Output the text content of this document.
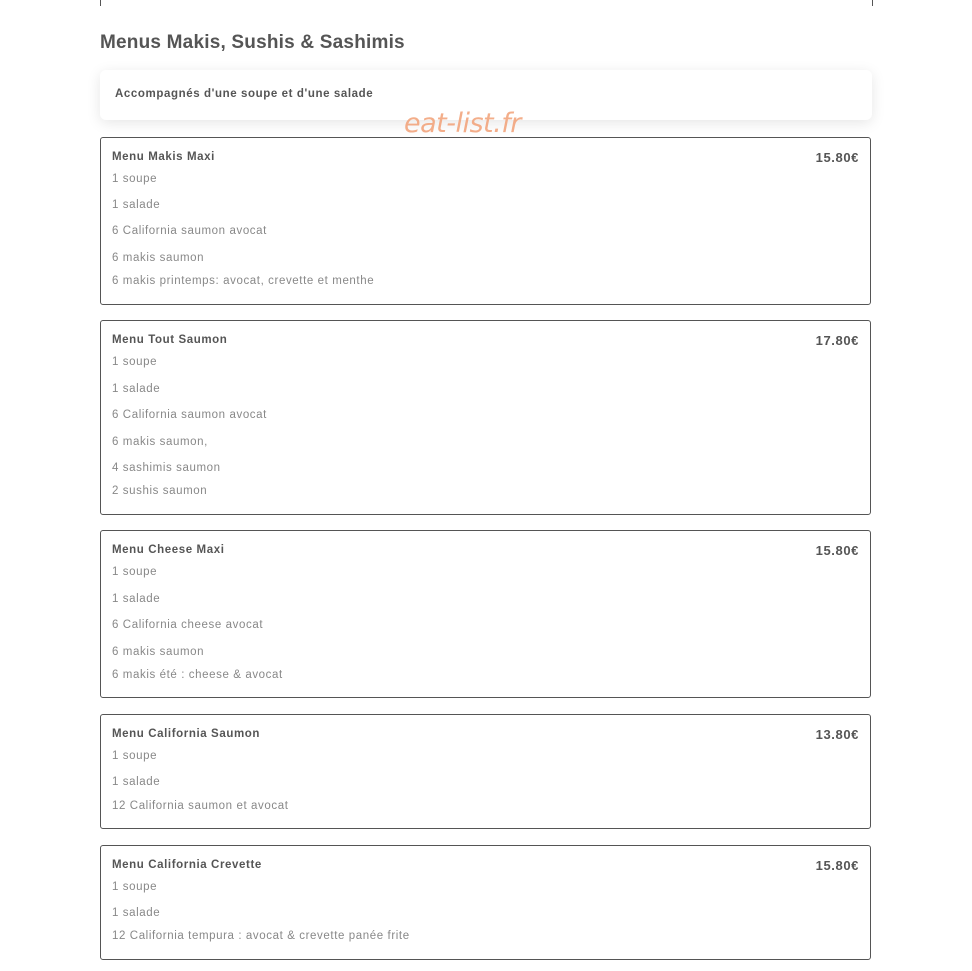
Menus Makis, Sushis & Sashimis
Accompagnés d'une soupe et d'une salade
Menu Makis Maxi	15.80€
1 soupe
1 salade
6 California saumon avocat
6 makis saumon
6 makis printemps: avocat, crevette et menthe
Menu Tout Saumon	17.80€
1 soupe
1 salade
6 California saumon avocat
6 makis saumon,
4 sashimis saumon
2 sushis saumon
Menu Cheese Maxi	15.80€
1 soupe
1 salade
6 California cheese avocat
6 makis saumon
6 makis été : cheese & avocat
Menu California Saumon	13.80€
1 soupe
1 salade
12 California saumon et avocat
Menu California Crevette	15.80€
1 soupe
1 salade
12 California tempura : avocat & crevette panée frite
eat-list.fr
